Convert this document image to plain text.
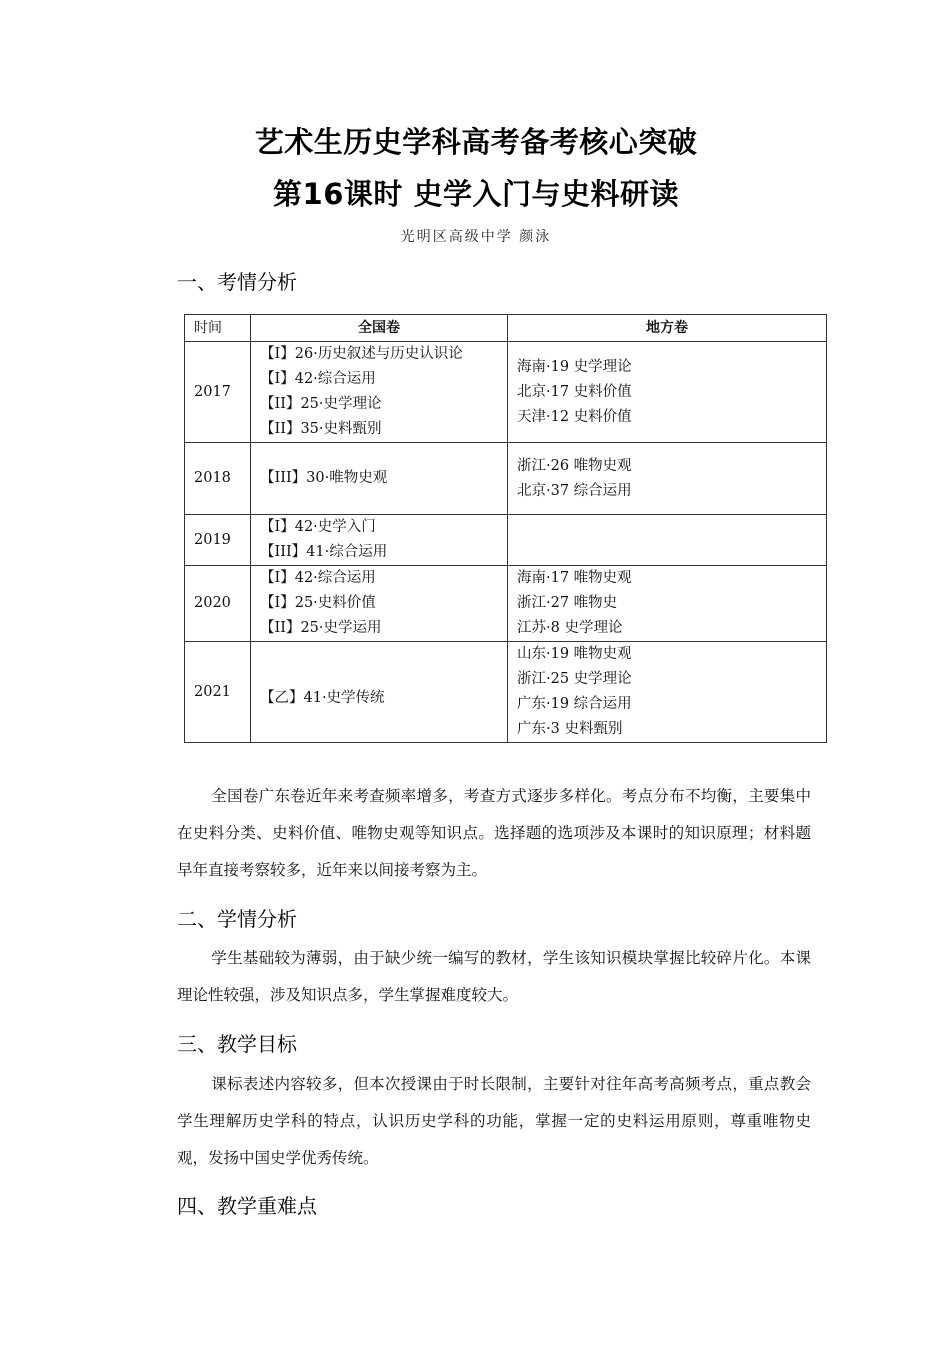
艺术生历史学科高考备考核心突破
第16课时 史学入门与史料研读
光明区高级中学 颜泳
一、考情分析
时间	全国卷	地方卷
2017	【I】26·历史叙述与历史认识论
【I】42·综合运用
【II】25·史学理论
【II】35·史料甄别	海南·19 史学理论
北京·17 史料价值
天津·12 史料价值

2018	【III】30·唯物史观	浙江·26 唯物史观
北京·37 综合运用

2019	【I】42·史学入门
【III】41·综合运用	

2020	【I】42·综合运用
【I】25·史料价值
【II】25·史学运用	海南·17 唯物史观
浙江·27 唯物史
江苏·8 史学理论

2021	【乙】41·史学传统	山东·19 唯物史观
浙江·25 史学理论
广东·19 综合运用
广东·3 史料甄别
全国卷广东卷近年来考查频率增多，考查方式逐步多样化。考点分布不均衡，主要集中在史料分类、史料价值、唯物史观等知识点。选择题的选项涉及本课时的知识原理；材料题早年直接考察较多，近年来以间接考察为主。
二、学情分析
学生基础较为薄弱，由于缺少统一编写的教材，学生该知识模块掌握比较碎片化。本课理论性较强，涉及知识点多，学生掌握难度较大。
三、教学目标
课标表述内容较多，但本次授课由于时长限制，主要针对往年高考高频考点，重点教会学生理解历史学科的特点，认识历史学科的功能，掌握一定的史料运用原则，尊重唯物史观，发扬中国史学优秀传统。
四、教学重难点
